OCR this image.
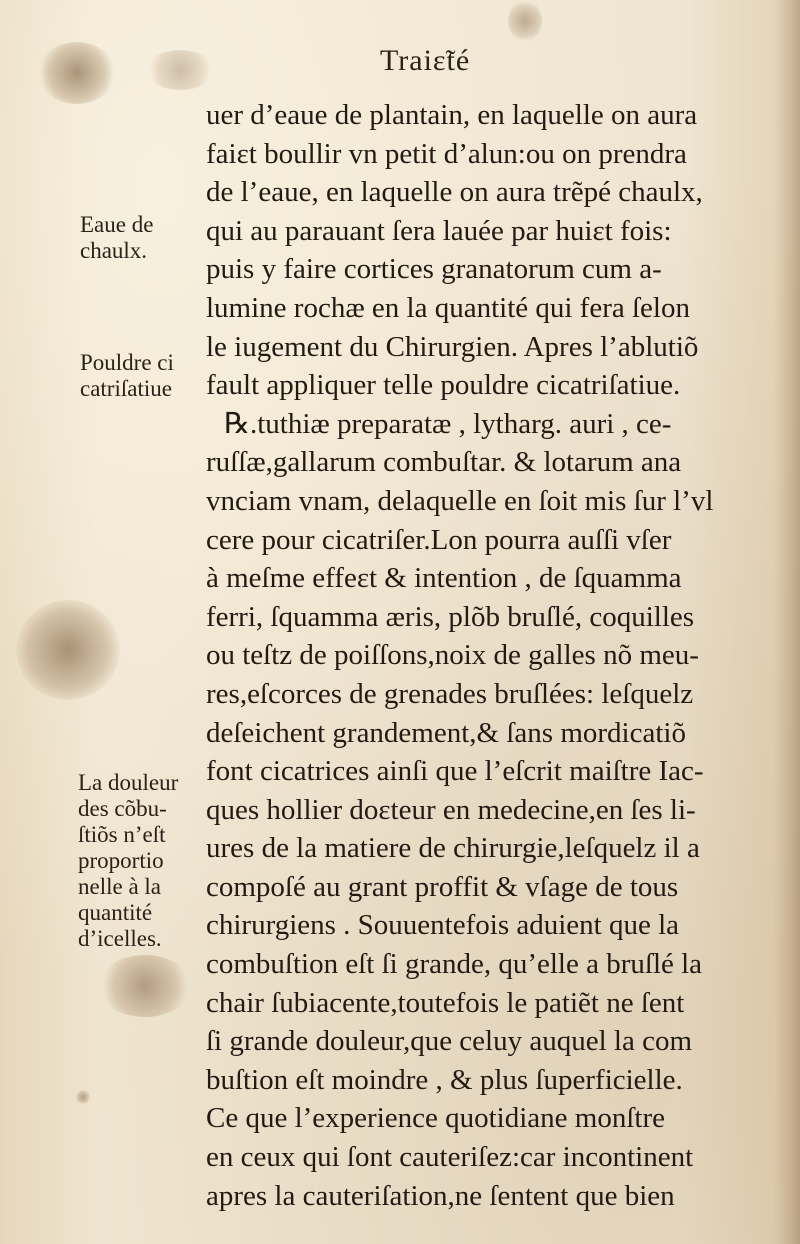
Traiɛ̃té
uer d’eaue de plantain, en laquelle on aura
faiɛt boullir vn petit d’alun:ou on prendra
de l’eaue, en laquelle on aura trẽpé chaulx,
qui au parauant ſera lauée par huiɛt fois:
puis y faire cortices granatorum cum a-
lumine rochæ en la quantité qui fera ſelon
le iugement du Chirurgien. Apres l’ablutiõ
fault appliquer telle pouldre cicatriſatiue.
℞.tuthiæ preparatæ , lytharg. auri , ce-
ruſſæ,gallarum combuſtar. & lotarum ana
vnciam vnam, delaquelle en ſoit mis ſur l’vl
cere pour cicatriſer.Lon pourra auſſi vſer
à meſme effeɛt & intention , de ſquamma
ferri, ſquamma æris, plõb bruſlé, coquilles
ou teſtz de poiſſons,noix de galles nõ meu-
res,eſcorces de grenades bruſlées: leſquelz
deſeichent grandement,& ſans mordicatiõ
font cicatrices ainſi que l’eſcrit maiſtre Iac-
ques hollier doɛteur en medecine,en ſes li-
ures de la matiere de chirurgie,leſquelz il a
compoſé au grant proffit & vſage de tous
chirurgiens . Souuentefois aduient que la
combuſtion eſt ſi grande, qu’elle a bruſlé la
chair ſubiacente,toutefois le patiẽt ne ſent
ſi grande douleur,que celuy auquel la com
buſtion eſt moindre , & plus ſuperficielle.
Ce que l’experience quotidiane monſtre
en ceux qui ſont cauteriſez:car incontinent
apres la cauteriſation,ne ſentent que bien
Eaue de
chaulx.
Pouldre ci
catriſatiue
La douleur
des cõbu-
ſtiõs n’eſt
proportio
nelle à la
quantité
d’icelles.
